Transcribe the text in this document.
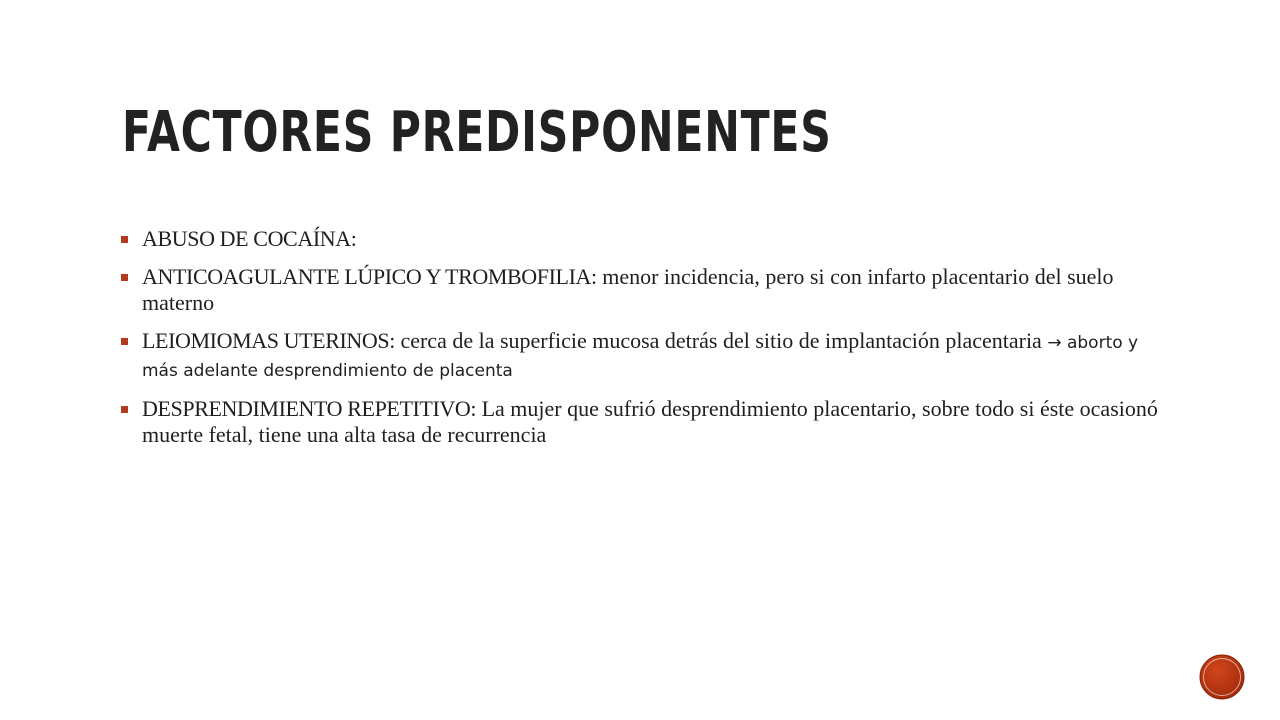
FACTORES PREDISPONENTES
ABUSO DE COCAÍNA:
ANTICOAGULANTE LÚPICO Y TROMBOFILIA: menor incidencia, pero si con infarto placentario del suelo materno
LEIOMIOMAS UTERINOS: cerca de la superficie mucosa detrás del sitio de implantación placentaria → aborto y más adelante desprendimiento de placenta
DESPRENDIMIENTO REPETITIVO: La mujer que sufrió desprendimiento placentario, sobre todo si éste ocasionó muerte fetal, tiene una alta tasa de recurrencia
